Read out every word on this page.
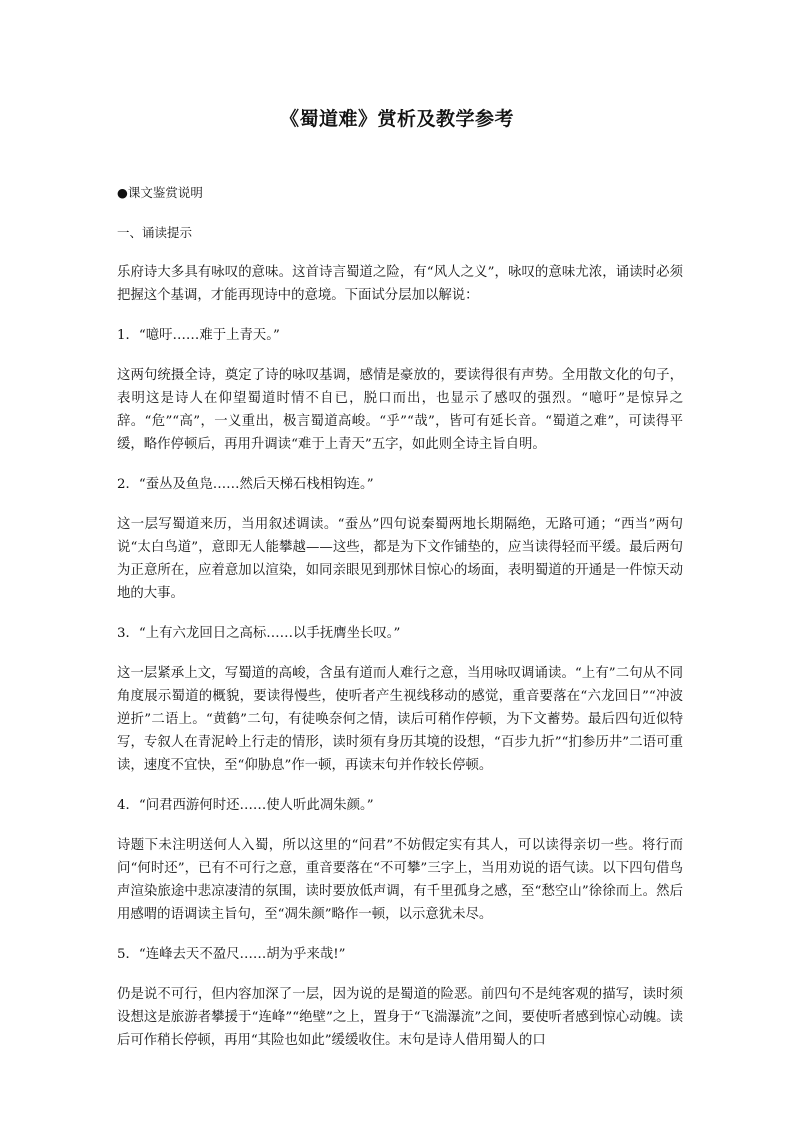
《蜀道难》赏析及教学参考

●课文鉴赏说明

一、诵读提示

乐府诗大多具有咏叹的意味。这首诗言蜀道之险，有“风人之义”，咏叹的意味尤浓，诵读时必须把握这个基调，才能再现诗中的意境。下面试分层加以解说：

1．“噫吁……难于上青天。”

这两句统摄全诗，奠定了诗的咏叹基调，感情是豪放的，要读得很有声势。全用散文化的句子，表明这是诗人在仰望蜀道时情不自已，脱口而出，也显示了感叹的强烈。“噫吁”是惊异之辞。“危”“高”，一义重出，极言蜀道高峻。“乎”“哉”，皆可有延长音。“蜀道之难”，可读得平缓，略作停顿后，再用升调读“难于上青天”五字，如此则全诗主旨自明。

2．“蚕丛及鱼凫……然后天梯石栈相钩连。”

这一层写蜀道来历，当用叙述调读。“蚕丛”四句说秦蜀两地长期隔绝，无路可通；“西当”两句说“太白鸟道”，意即无人能攀越——这些，都是为下文作铺垫的，应当读得轻而平缓。最后两句为正意所在，应着意加以渲染，如同亲眼见到那怵目惊心的场面，表明蜀道的开通是一件惊天动地的大事。

3．“上有六龙回日之高标……以手抚膺坐长叹。”

这一层紧承上文，写蜀道的高峻，含虽有道而人难行之意，当用咏叹调诵读。“上有”二句从不同角度展示蜀道的概貌，要读得慢些，使听者产生视线移动的感觉，重音要落在“六龙回日”“冲波逆折”二语上。“黄鹤”二句，有徒唤奈何之情，读后可稍作停顿，为下文蓄势。最后四句近似特写，专叙人在青泥岭上行走的情形，读时须有身历其境的设想，“百步九折”“扪参历井”二语可重读，速度不宜快，至“仰胁息”作一顿，再读末句并作较长停顿。

4．“问君西游何时还……使人听此凋朱颜。”

诗题下未注明送何人入蜀，所以这里的“问君”不妨假定实有其人，可以读得亲切一些。将行而问“何时还”，已有不可行之意，重音要落在“不可攀”三字上，当用劝说的语气读。以下四句借鸟声渲染旅途中悲凉凄清的氛围，读时要放低声调，有千里孤身之感，至“愁空山”徐徐而上。然后用感喟的语调读主旨句，至“凋朱颜”略作一顿，以示意犹未尽。

5．“连峰去天不盈尺……胡为乎来哉!”

仍是说不可行，但内容加深了一层，因为说的是蜀道的险恶。前四句不是纯客观的描写，读时须设想这是旅游者攀援于“连峰”“绝壁”之上，置身于“飞湍瀑流”之间，要使听者感到惊心动魄。读后可作稍长停顿，再用“其险也如此”缓缓收住。末句是诗人借用蜀人的口
